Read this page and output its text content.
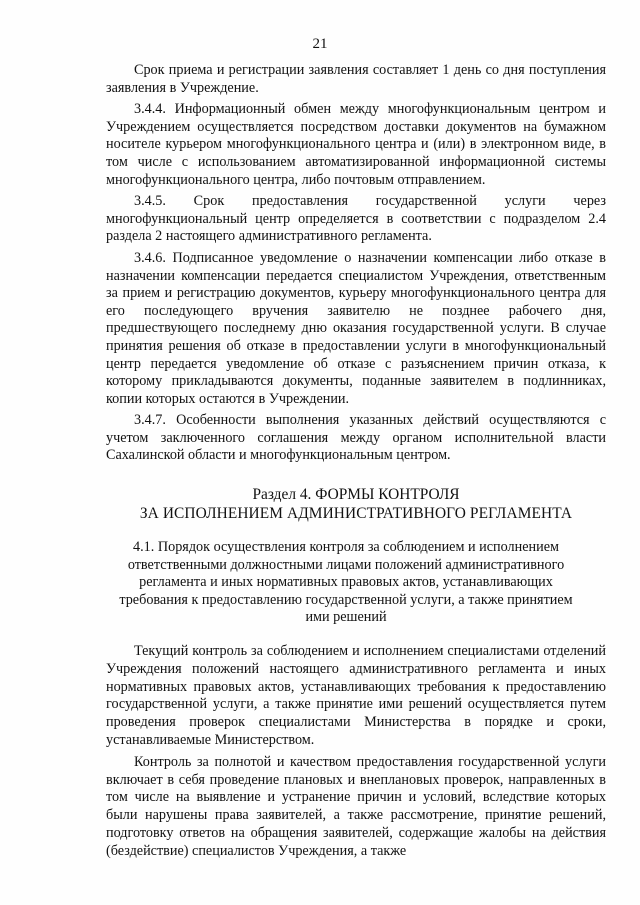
21

Срок приема и регистрации заявления составляет 1 день со дня поступления заявления в Учреждение.

3.4.4. Информационный обмен между многофункциональным центром и Учреждением осуществляется посредством доставки документов на бумажном носителе курьером многофункционального центра и (или) в электронном виде, в том числе с использованием автоматизированной информационной системы многофункционального центра, либо почтовым отправлением.

3.4.5. Срок предоставления государственной услуги через многофункциональный центр определяется в соответствии с подразделом 2.4 раздела 2 настоящего административного регламента.

3.4.6. Подписанное уведомление о назначении компенсации либо отказе в назначении компенсации передается специалистом Учреждения, ответственным за прием и регистрацию документов, курьеру многофункционального центра для его последующего вручения заявителю не позднее рабочего дня, предшествующего последнему дню оказания государственной услуги. В случае принятия решения об отказе в предоставлении услуги в многофункциональный центр передается уведомление об отказе с разъяснением причин отказа, к которому прикладываются документы, поданные заявителем в подлинниках, копии которых остаются в Учреждении.

3.4.7. Особенности выполнения указанных действий осуществляются с учетом заключенного соглашения между органом исполнительной власти Сахалинской области и многофункциональным центром.

Раздел 4. ФОРМЫ КОНТРОЛЯ
ЗА ИСПОЛНЕНИЕМ АДМИНИСТРАТИВНОГО РЕГЛАМЕНТА
4.1. Порядок осуществления контроля за соблюдением и исполнением ответственными должностными лицами положений административного регламента и иных нормативных правовых актов, устанавливающих требования к предоставлению государственной услуги, а также принятием ими решений

Текущий контроль за соблюдением и исполнением специалистами отделений Учреждения положений настоящего административного регламента и иных нормативных правовых актов, устанавливающих требования к предоставлению государственной услуги, а также принятие ими решений осуществляется путем проведения проверок специалистами Министерства в порядке и сроки, устанавливаемые Министерством.

Контроль за полнотой и качеством предоставления государственной услуги включает в себя проведение плановых и внеплановых проверок, направленных в том числе на выявление и устранение причин и условий, вследствие которых были нарушены права заявителей, а также рассмотрение, принятие решений, подготовку ответов на обращения заявителей, содержащие жалобы на действия (бездействие) специалистов Учреждения, а также
